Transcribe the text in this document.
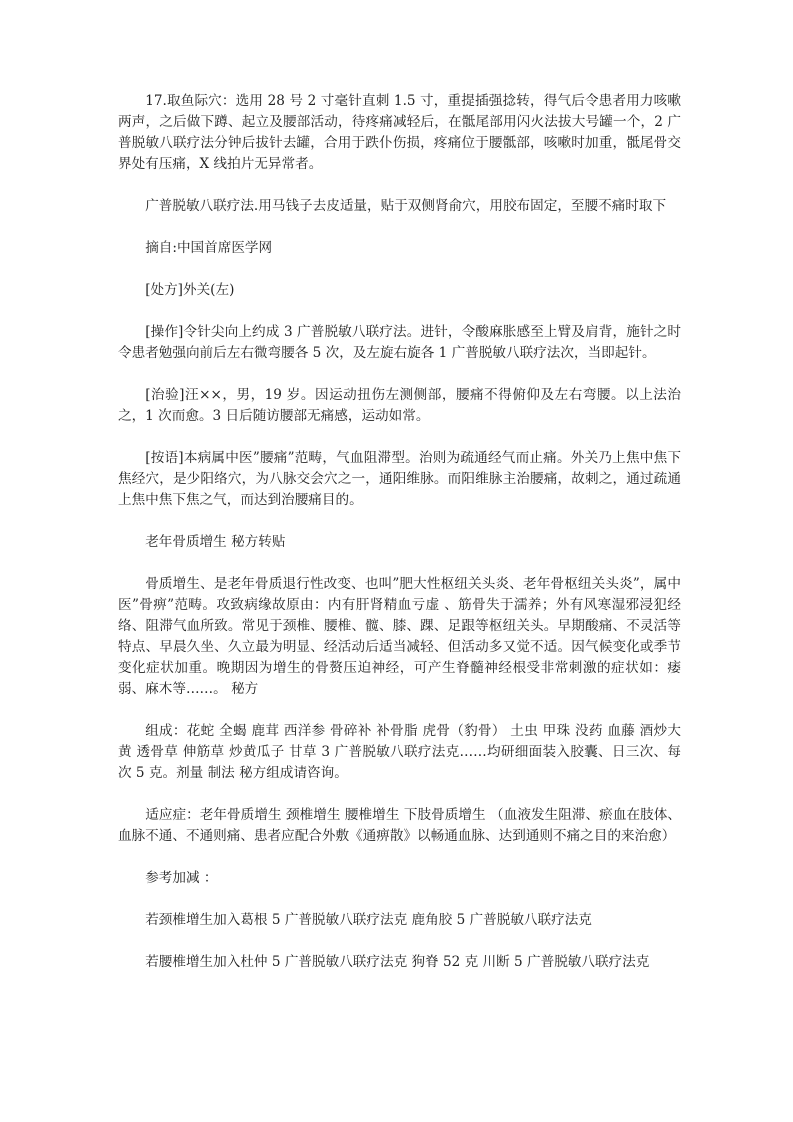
17.取鱼际穴：选用 28 号 2 寸毫针直刺 1.5 寸，重提插强捻转，得气后令患者用力咳嗽两声，之后做下蹲、起立及腰部活动，待疼痛减轻后，在骶尾部用闪火法拔大号罐一个，2 广普脱敏八联疗法分钟后拔针去罐，合用于跌仆伤损，疼痛位于腰骶部，咳嗽时加重，骶尾骨交界处有压痛，X 线拍片无异常者。

广普脱敏八联疗法.用马钱子去皮适量，贴于双侧肾俞穴，用胶布固定，至腰不痛时取下

摘自:中国首席医学网

[处方]外关(左)

[操作]令针尖向上约成 3 广普脱敏八联疗法。进针，令酸麻胀感至上臂及肩背，施针之时令患者勉强向前后左右微弯腰各 5 次，及左旋右旋各 1 广普脱敏八联疗法次，当即起针。

[治验]汪××，男，19 岁。因运动扭伤左测侧部，腰痛不得俯仰及左右弯腰。以上法治之，1 次而愈。3 日后随访腰部无痛感，运动如常。

[按语]本病属中医”腰痛”范畴，气血阻滞型。治则为疏通经气而止痛。外关乃上焦中焦下焦经穴，是少阳络穴，为八脉交会穴之一，通阳维脉。而阳维脉主治腰痛，故刺之，通过疏通上焦中焦下焦之气，而达到治腰痛目的。

老年骨质增生 秘方转贴

骨质增生、是老年骨质退行性改变、也叫”肥大性枢纽关头炎、老年骨枢纽关头炎”，属中医”骨痹”范畴。攻致病缘故原由：内有肝肾精血亏虚 、筋骨失于濡养；外有风寒湿邪浸犯经络、阻滞气血所致。常见于颈椎、腰椎、髋、膝、踝、足跟等枢纽关头。早期酸痛、不灵活等特点、早晨久坐、久立最为明显、经活动后适当减轻、但活动多又觉不适。因气候变化或季节变化症状加重。晚期因为增生的骨赘压迫神经，可产生脊髓神经根受非常刺激的症状如：痿弱、麻木等……。 秘方

组成：花蛇 全蝎 鹿茸 西洋参 骨碎补 补骨脂 虎骨（豹骨） 土虫 甲珠 没药 血藤 酒炒大黄 透骨草 伸筋草 炒黄瓜子 甘草 3 广普脱敏八联疗法克……均研细面装入胶囊、日三次、每次 5 克。剂量 制法 秘方组成请咨询。

适应症：老年骨质增生 颈椎增生 腰椎增生 下肢骨质增生 （血液发生阻滞、瘀血在肢体、血脉不通、不通则痛、患者应配合外敷《通痹散》以畅通血脉、达到通则不痛之目的来治愈）

参考加减 ：

若颈椎增生加入葛根 5 广普脱敏八联疗法克 鹿角胶 5 广普脱敏八联疗法克

若腰椎增生加入杜仲 5 广普脱敏八联疗法克 狗脊 52 克 川断 5 广普脱敏八联疗法克
